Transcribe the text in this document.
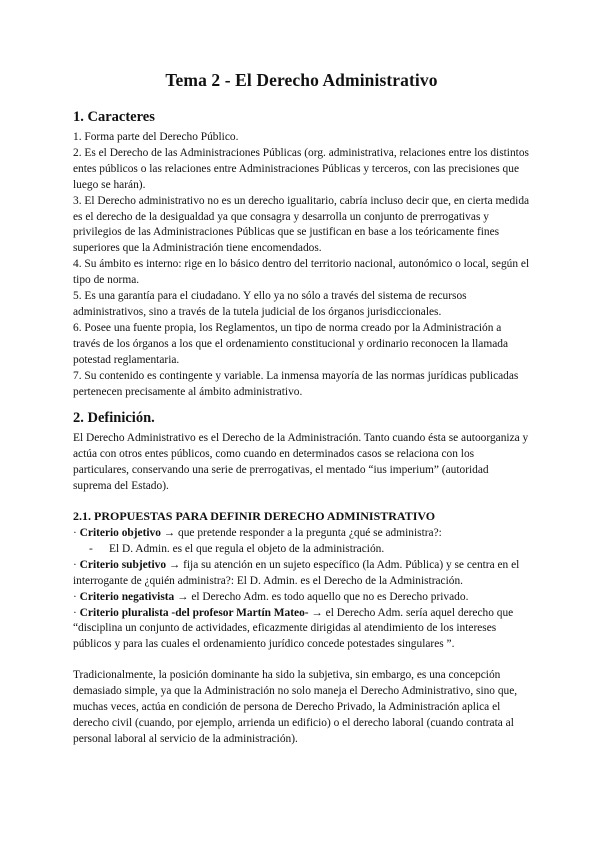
Tema 2 - El Derecho Administrativo
1. Caracteres

1. Forma parte del Derecho Público.

2. Es el Derecho de las Administraciones Públicas (org. administrativa, relaciones entre los distintos entes públicos o las relaciones entre Administraciones Públicas y terceros, con las precisiones que luego se harán).

3. El Derecho administrativo no es un derecho igualitario, cabría incluso decir que, en cierta medida es el derecho de la desigualdad ya que consagra y desarrolla un conjunto de prerrogativas y privilegios de las Administraciones Públicas que se justifican en base a los teóricamente fines superiores que la Administración tiene encomendados.

4. Su ámbito es interno: rige en lo básico dentro del territorio nacional, autonómico o local, según el tipo de norma.

5. Es una garantía para el ciudadano. Y ello ya no sólo a través del sistema de recursos administrativos, sino a través de la tutela judicial de los órganos jurisdiccionales.

6. Posee una fuente propia, los Reglamentos, un tipo de norma creado por la Administración a través de los órganos a los que el ordenamiento constitucional y ordinario reconocen la llamada potestad reglamentaria.

7. Su contenido es contingente y variable. La inmensa mayoría de las normas jurídicas publicadas pertenecen precisamente al ámbito administrativo.

2. Definición.

El Derecho Administrativo es el Derecho de la Administración. Tanto cuando ésta se autoorganiza y actúa con otros entes públicos, como cuando en determinados casos se relaciona con los particulares, conservando una serie de prerrogativas, el mentado “ius imperium” (autoridad suprema del Estado).

2.1. PROPUESTAS PARA DEFINIR DERECHO ADMINISTRATIVO

· Criterio objetivo → que pretende responder a la pregunta ¿qué se administra?:

-	El D. Admin. es el que regula el objeto de la administración.

· Criterio subjetivo → fija su atención en un sujeto específico (la Adm. Pública) y se centra en el interrogante de ¿quién administra?: El D. Admin. es el Derecho de la Administración.

· Criterio negativista → el Derecho Adm. es todo aquello que no es Derecho privado.

· Criterio pluralista -del profesor Martín Mateo- → el Derecho Adm. sería aquel derecho que “disciplina un conjunto de actividades, eficazmente dirigidas al atendimiento de los intereses públicos y para las cuales el ordenamiento jurídico concede potestades singulares ”.

Tradicionalmente, la posición dominante ha sido la subjetiva, sin embargo, es una concepción demasiado simple, ya que la Administración no solo maneja el Derecho Administrativo, sino que, muchas veces, actúa en condición de persona de Derecho Privado, la Administración aplica el derecho civil (cuando, por ejemplo, arrienda un edificio) o el derecho laboral (cuando contrata al personal laboral al servicio de la administración).
